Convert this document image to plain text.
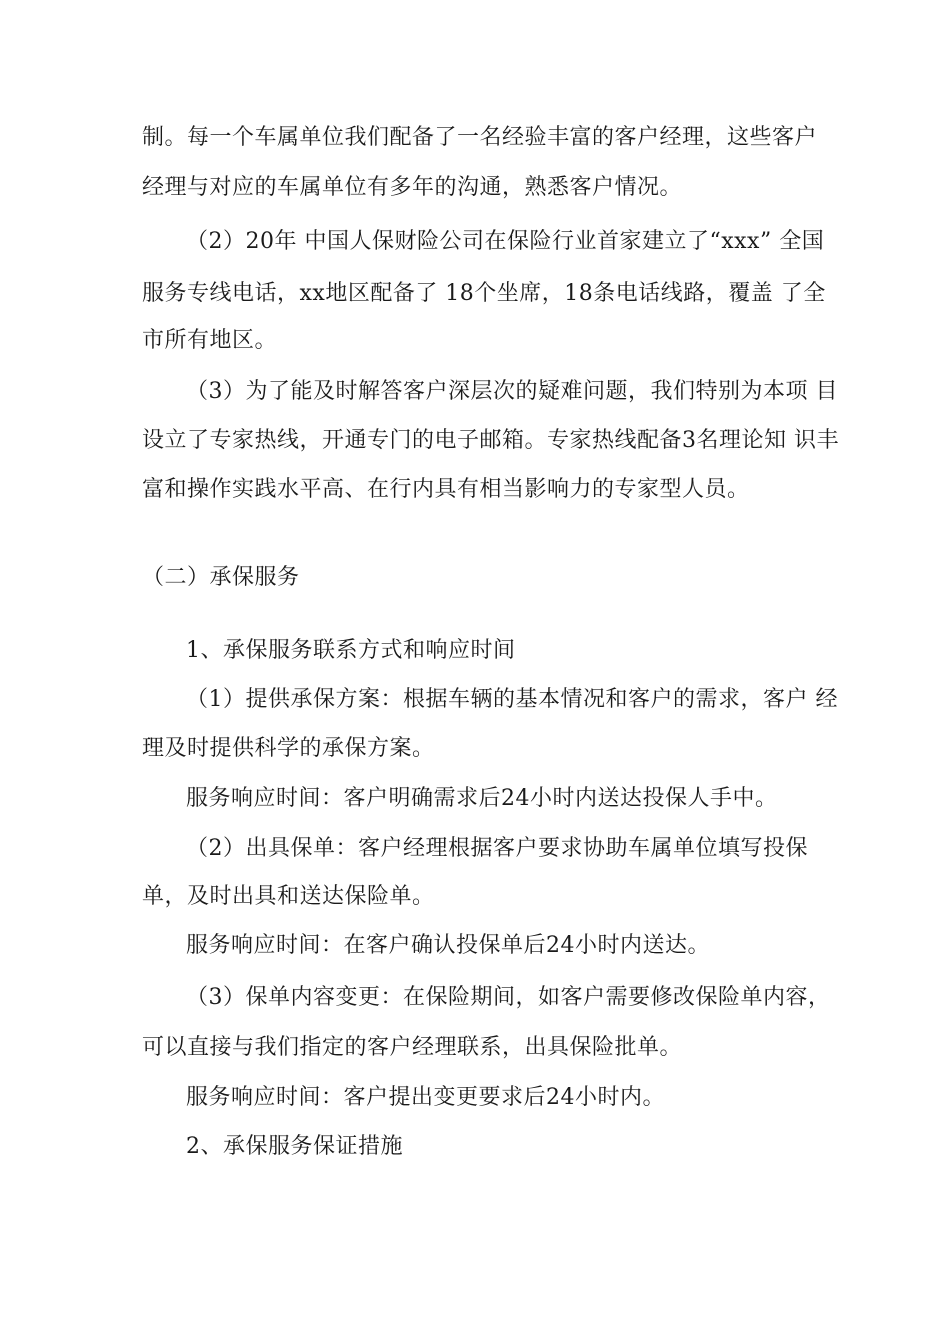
制。每一个车属单位我们配备了一名经验丰富的客户经理，这些客户
经理与对应的车属单位有多年的沟通，熟悉客户情况。
（2）20年 中国人保财险公司在保险行业首家建立了“xxx” 全国
服务专线电话，xx地区配备了 18个坐席，18条电话线路，覆盖 了全
市所有地区。
（3）为了能及时解答客户深层次的疑难问题，我们特别为本项 目
设立了专家热线，开通专门的电子邮箱。专家热线配备3名理论知 识丰
富和操作实践水平高、在行内具有相当影响力的专家型人员。
（二）承保服务
1、承保服务联系方式和响应时间
（1）提供承保方案：根据车辆的基本情况和客户的需求，客户 经
理及时提供科学的承保方案。
服务响应时间：客户明确需求后24小时内送达投保人手中。
（2）出具保单：客户经理根据客户要求协助车属单位填写投保
单，及时出具和送达保险单。
服务响应时间：在客户确认投保单后24小时内送达。
（3）保单内容变更：在保险期间，如客户需要修改保险单内容，
可以直接与我们指定的客户经理联系，出具保险批单。
服务响应时间：客户提出变更要求后24小时内。
2、承保服务保证措施
